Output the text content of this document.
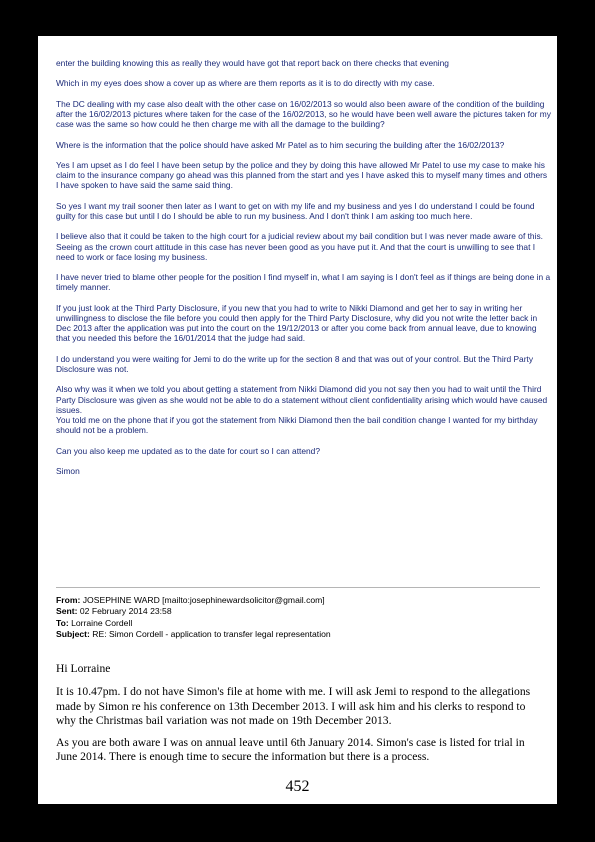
enter the building knowing this as really they would have got that report back on there checks that evening

Which in my eyes does show a cover up as where are them reports as it is to do directly with my case.

The DC dealing with my case also dealt with the other case on 16/02/2013 so would also been aware of the condition of the building after the 16/02/2013 pictures where taken for the case of the 16/02/2013, so he would have been well aware the pictures taken for my case was the same so how could he then charge me with all the damage to the building?

Where is the information that the police should have asked Mr Patel as to him securing the building after the 16/02/2013?

Yes I am upset as I do feel I have been setup by the police and they by doing this have allowed Mr Patel to use my case to make his claim to the insurance company go ahead was this planned from the start and yes I have asked this to myself many times and others I have spoken to have said the same said thing.

So yes I want my trail sooner then later as I want to get on with my life and my business and yes I do understand I could be found guilty for this case but until I do I should be able to run my business. And I don't think I am asking too much here.

I believe also that it could be taken to the high court for a judicial review about my bail condition but I was never made aware of this. Seeing as the crown court attitude in this case has never been good as you have put it. And that the court is unwilling to see that I need to work or face losing my business.

I have never tried to blame other people for the position I find myself in, what I am saying is I don't feel as if things are being done in a timely manner.

If you just look at the Third Party Disclosure, if you new that you had to write to Nikki Diamond and get her to say in writing her unwillingness to disclose the file before you could then apply for the Third Party Disclosure, why did you not write the letter back in Dec 2013 after the application was put into the court on the 19/12/2013 or after you come back from annual leave, due to knowing that you needed this before the 16/01/2014 that the judge had said.

I do understand you were waiting for Jemi to do the write up for the section 8 and that was out of your control. But the Third Party Disclosure was not.

Also why was it when we told you about getting a statement from Nikki Diamond did you not say then you had to wait until the Third Party Disclosure was given as she would not be able to do a statement without client confidentiality arising which would have caused issues.
You told me on the phone that if you got the statement from Nikki Diamond then the bail condition change I wanted for my birthday should not be a problem.

Can you also keep me updated as to the date for court so I can attend?

Simon

From: JOSEPHINE WARD [mailto:josephinewardsolicitor@gmail.com]
Sent: 02 February 2014 23:58
To: Lorraine Cordell
Subject: RE: Simon Cordell - application to transfer legal representation

Hi Lorraine

It is 10.47pm. I do not have Simon's file at home with me. I will ask Jemi to respond to the allegations made by Simon re his conference on 13th December 2013. I will ask him and his clerks to respond to why the Christmas bail variation was not made on 19th December 2013.

As you are both aware I was on annual leave until 6th January 2014. Simon's case is listed for trial in June 2014. There is enough time to secure the information but there is a process.

452
